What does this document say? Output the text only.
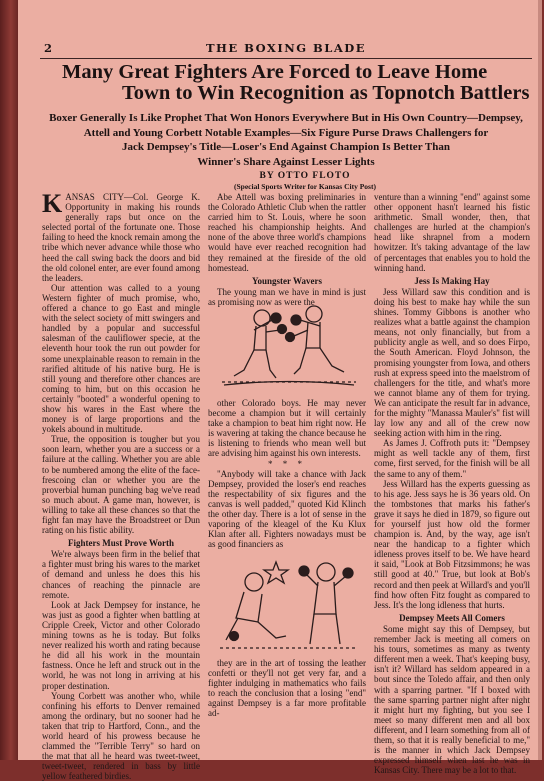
2	THE BOXING BLADE
Many Great Fighters Are Forced to Leave Home
Town to Win Recognition as Topnotch Battlers
Boxer Generally Is Like Prophet That Won Honors Everywhere But in His Own Country—Dempsey,
Attell and Young Corbett Notable Examples—Six Figure Purse Draws Challengers for
Jack Dempsey's Title—Loser's End Against Champion Is Better Than
Winner's Share Against Lesser Lights
BY OTTO FLOTO
(Special Sports Writer for Kansas City Post)

KANSAS CITY—Col. George K. Opportunity in making his rounds generally raps but once on the selected portal of the fortunate one. Those failing to heed the knock remain among the tribe which never advance while those who heed the call swing back the doors and bid the old colonel enter, are ever found among the leaders.

Our attention was called to a young Western fighter of much promise, who, offered a chance to go East and mingle with the select society of mitt swingers and handled by a popular and successful salesman of the cauliflower specie, at the eleventh hour took the run out powder for some unexplainable reason to remain in the rarified altitude of his native burg. He is still young and therefore other chances are coming to him, but on this occasion he certainly "booted" a wonderful opening to show his wares in the East where the money is of large proportions and the yokels abound in multitude.

True, the opposition is tougher but you soon learn, whether you are a success or a failure at the calling. Whether you are able to be numbered among the elite of the face-frescoing clan or whether you are the proverbial human punching bag we've read so much about. A game man, however, is willing to take all these chances so that the fight fan may have the Broadstreet or Dun rating on his fistic ability.

Fighters Must Prove Worth

We're always been firm in the belief that a fighter must bring his wares to the market of demand and unless he does this his chances of reaching the pinnacle are remote.

Look at Jack Dempsey for instance, he was just as good a fighter when battling at Cripple Creek, Victor and other Colorado mining towns as he is today. But folks never realized his worth and rating because he did all his work in the mountain fastness. Once he left and struck out in the world, he was not long in arriving at his proper destination.

Young Corbett was another who, while confining his efforts to Denver remained among the ordinary, but no sooner had he taken that trip to Hartford, Conn., and the world heard of his prowess because he clammed the "Terrible Terry" so hard on the mat that all he heard was tweet-tweet, tweet-tweet, rendered in bass by little yellow feathered birdies.

Abe Attell was boxing preliminaries in the Colorado Athletic Club when the rattler carried him to St. Louis, where he soon reached his championship heights. And none of the above three world's champions would have ever reached recognition had they remained at the fireside of the old homestead.

Youngster Wavers

The young man we have in mind is just as promising now as were the

other Colorado boys. He may never become a champion but it will certainly take a champion to beat him right now. He is wavering at taking the chance because he is listening to friends who mean well but are advising him against his own interests.

* * *

"Anybody will take a chance with Jack Dempsey, provided the loser's end reaches the respectability of six figures and the canvas is well padded," quoted Kid Klinch the other day. There is a lot of sense in the vaporing of the kleagel of the Ku Klux Klan after all. Fighters nowadays must be as good financiers as

they are in the art of tossing the leather confetti or they'll not get very far, and a fighter indulging in mathematics who fails to reach the conclusion that a losing "end" against Dempsey is a far more profitable ad-

venture than a winning "end" against some other opponent hasn't learned his fistic arithmetic. Small wonder, then, that challenges are hurled at the champion's head like shrapnel from a modern howitzer. It's taking advantage of the law of percentages that enables you to hold the winning hand.

Jess Is Making Hay

Jess Willard saw this condition and is doing his best to make hay while the sun shines. Tommy Gibbons is another who realizes what a battle against the champion means, not only financially, but from a publicity angle as well, and so does Firpo, the South American. Floyd Johnson, the promising youngster from Iowa, and others rush at express speed into the maelstrom of challengers for the title, and what's more we cannot blame any of them for trying. We can anticipate the result far in advance, for the mighty "Manassa Mauler's" fist will lay low any and all of the crew now seeking action with him in the ring.

As James J. Coffroth puts it: "Dempsey might as well tackle any of them, first come, first served, for the finish will be all the same to any of them."

Jess Willard has the experts guessing as to his age. Jess says he is 36 years old. On the tombstones that marks his father's grave it says he died in 1879, so figure out for yourself just how old the former champion is. And, by the way, age isn't near the handicap to a fighter which idleness proves itself to be. We have heard it said, "Look at Bob Fitzsimmons; he was still good at 40." True, but look at Bob's record and then peek at Willard's and you'll find how often Fitz fought as compared to Jess. It's the long idleness that hurts.

Dempsey Meets All Comers

Some might say this of Dempsey, but remember Jack is meeting all comers on his tours, sometimes as many as twenty different men a week. That's keeping busy, isn't it? Willard has seldom appeared in a bout since the Toledo affair, and then only with a sparring partner. "If I boxed with the same sparring partner night after night it might hurt my fighting, but you see I meet so many different men and all box different, and I learn something from all of them, so that it is really beneficial to me," is the manner in which Jack Dempsey expressed himself when last he was in Kansas City. There may be a lot to that.
